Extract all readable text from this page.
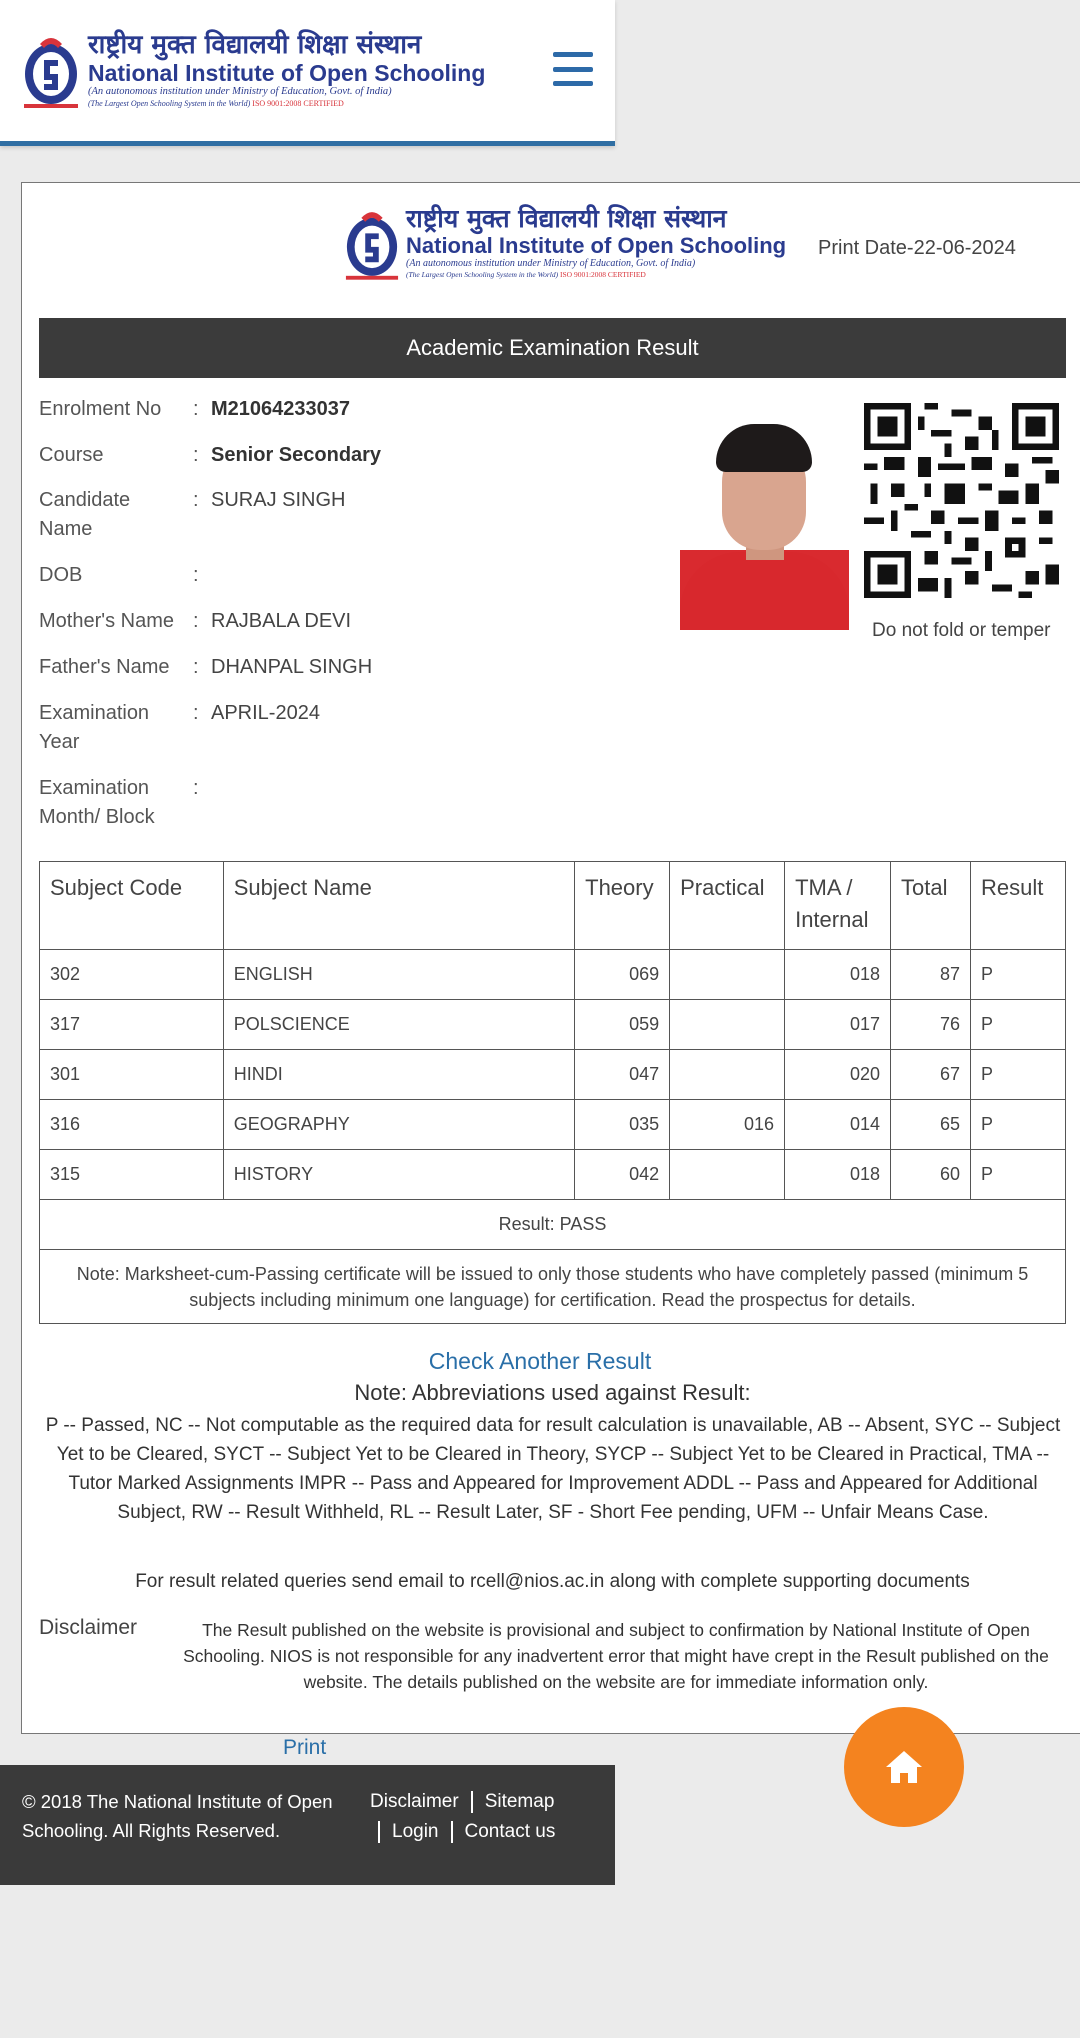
राष्ट्रीय मुक्त विद्यालयी शिक्षा संस्थान
National Institute of Open Schooling
(An autonomous institution under Ministry of Education, Govt. of India)
(The Largest Open Schooling System in the World) ISO 9001:2008 CERTIFIED
राष्ट्रीय मुक्त विद्यालयी शिक्षा संस्थान
National Institute of Open Schooling
(An autonomous institution under Ministry of Education, Govt. of India)
(The Largest Open Schooling System in the World) ISO 9001:2008 CERTIFIED
Print Date-22-06-2024
Academic Examination Result
Enrolment No	: M21064233037
Course	: Senior Secondary
Candidate
Name
: SURAJ SINGH
DOB	:
Mother's Name : RAJBALA DEVI
Father's Name	: DHANPAL SINGH
Examination
Year
: APRIL-2024
Examination
Month/ Block
:
Do not fold or temper
Subject Code	Subject Name	Theory	Practical	TMA /
Internal	Total	Result
302	ENGLISH	069		018	87	P
317	POLSCIENCE	059		017	76	P
301	HINDI	047		020	67	P
316	GEOGRAPHY	035	016	014	65	P
315	HISTORY	042		018	60	P
Result: PASS						
Note: Marksheet-cum-Passing certificate will be issued to only those students who have completely passed (minimum 5 subjects including minimum one language) for certification. Read the prospectus for details.						
Check Another Result
Note: Abbreviations used against Result:
P -- Passed, NC -- Not computable as the required data for result calculation is unavailable, AB -- Absent, SYC -- Subject Yet to be Cleared, SYCT -- Subject Yet to be Cleared in Theory, SYCP -- Subject Yet to be Cleared in Practical, TMA -- Tutor Marked Assignments IMPR -- Pass and Appeared for Improvement ADDL -- Pass and Appeared for Additional Subject, RW -- Result Withheld, RL -- Result Later, SF - Short Fee pending, UFM -- Unfair Means Case.
For result related queries send email to rcell@nios.ac.in along with complete supporting documents
Disclaimer	The Result published on the website is provisional and subject to confirmation by National Institute of Open Schooling. NIOS is not responsible for any inadvertent error that might have crept in the Result published on the website. The details published on the website are for immediate information only.
Print
© 2018 The National Institute of Open Schooling. All Rights Reserved.
Disclaimer Sitemap
Login Contact us
